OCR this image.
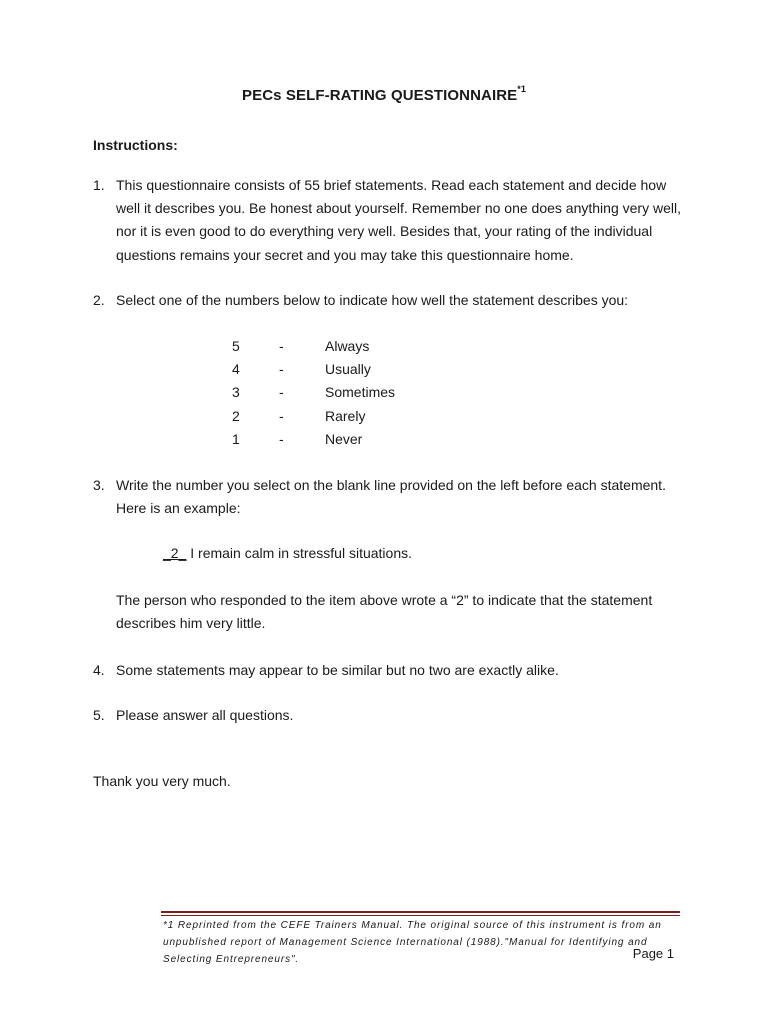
PECs SELF-RATING QUESTIONNAIRE$^{*1}$
Instructions:
1. This questionnaire consists of 55 brief statements. Read each statement and decide how well it describes you. Be honest about yourself. Remember no one does anything very well, nor it is even good to do everything very well. Besides that, your rating of the individual questions remains your secret and you may take this questionnaire home.
2. Select one of the numbers below to indicate how well the statement describes you:
5	-	Always
4	-	Usually
3	-	Sometimes
2	-	Rarely
1	-	Never
3. Write the number you select on the blank line provided on the left before each statement. Here is an example:
_2_ I remain calm in stressful situations.
The person who responded to the item above wrote a “2” to indicate that the statement describes him very little.
4. Some statements may appear to be similar but no two are exactly alike.
5. Please answer all questions.
Thank you very much.
*1 Reprinted from the CEFE Trainers Manual. The original source of this instrument is from an unpublished report of Management Science International (1988)."Manual for Identifying and Selecting Entrepreneurs".	Page 1
